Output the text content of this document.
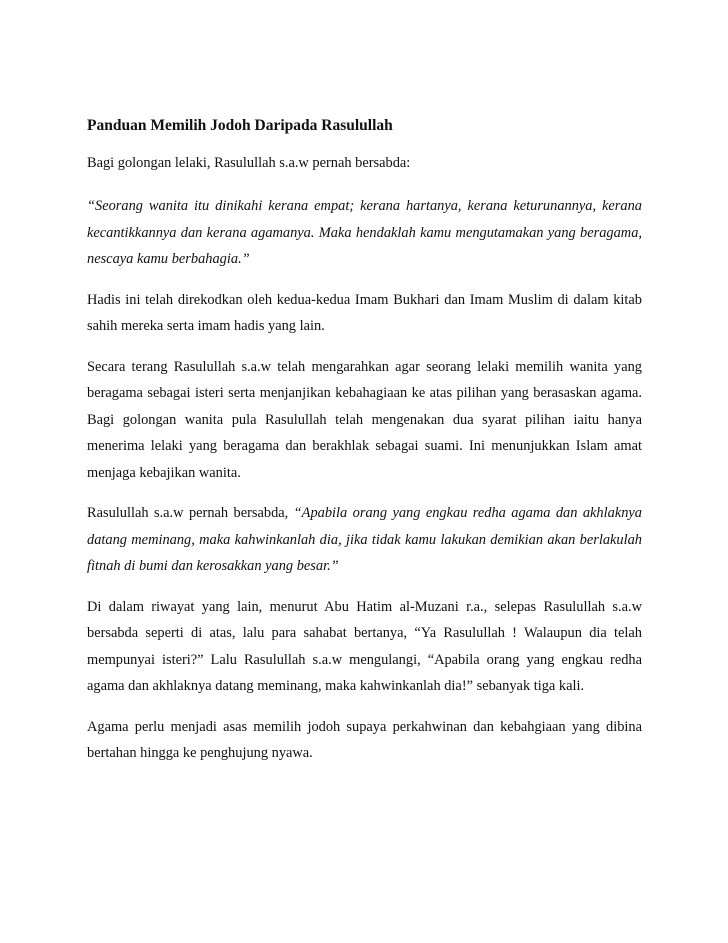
Panduan Memilih Jodoh Daripada Rasulullah

Bagi golongan lelaki, Rasulullah s.a.w pernah bersabda:

“Seorang wanita itu dinikahi kerana empat; kerana hartanya, kerana keturunannya, kerana kecantikkannya dan kerana agamanya. Maka hendaklah kamu mengutamakan yang beragama, nescaya kamu berbahagia.”

Hadis ini telah direkodkan oleh kedua-kedua Imam Bukhari dan Imam Muslim di dalam kitab sahih mereka serta imam hadis yang lain.

Secara terang Rasulullah s.a.w telah mengarahkan agar seorang lelaki memilih wanita yang beragama sebagai isteri serta menjanjikan kebahagiaan ke atas pilihan yang berasaskan agama. Bagi golongan wanita pula Rasulullah telah mengenakan dua syarat pilihan iaitu hanya menerima lelaki yang beragama dan berakhlak sebagai suami. Ini menunjukkan Islam amat menjaga kebajikan wanita.

Rasulullah s.a.w pernah bersabda, “Apabila orang yang engkau redha agama dan akhlaknya datang meminang, maka kahwinkanlah dia, jika tidak kamu lakukan demikian akan berlakulah fitnah di bumi dan kerosakkan yang besar.”

Di dalam riwayat yang lain, menurut Abu Hatim al-Muzani r.a., selepas Rasulullah s.a.w bersabda seperti di atas, lalu para sahabat bertanya, “Ya Rasulullah ! Walaupun dia telah mempunyai isteri?” Lalu Rasulullah s.a.w mengulangi, “Apabila orang yang engkau redha agama dan akhlaknya datang meminang, maka kahwinkanlah dia!” sebanyak tiga kali.

Agama perlu menjadi asas memilih jodoh supaya perkahwinan dan kebahgiaan yang dibina bertahan hingga ke penghujung nyawa.
